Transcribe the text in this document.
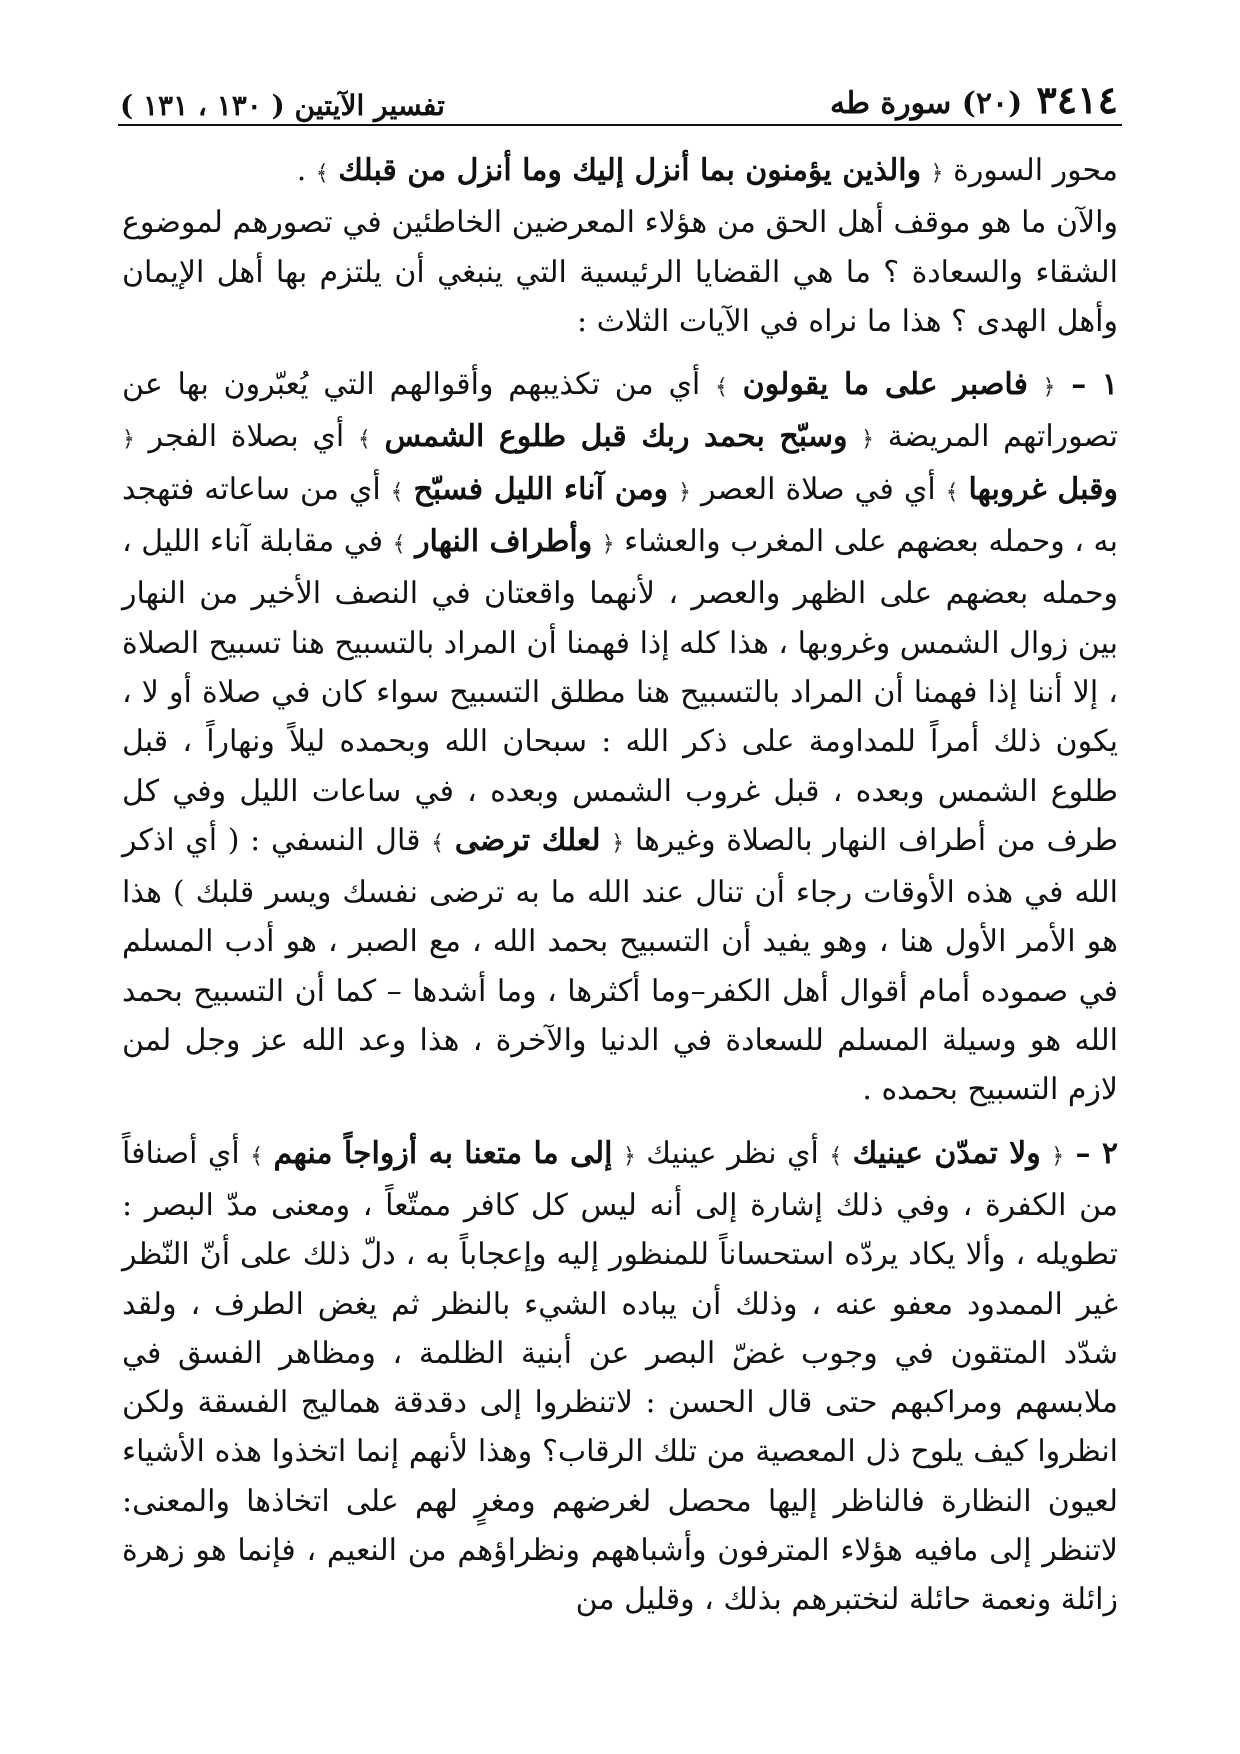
٣٤١٤
(٢٠) سورة طه
تفسير الآيتين ( ١٣٠ ، ١٣١ )

محور السورة ﴿ والذين يؤمنون بما أنزل إليك وما أنزل من قبلك ﴾ .

والآن ما هو موقف أهل الحق من هؤلاء المعرضين الخاطئين في تصورهم لموضوع الشقاء والسعادة ؟ ما هي القضايا الرئيسية التي ينبغي أن يلتزم بها أهل الإيمان وأهل الهدى ؟ هذا ما نراه في الآيات الثلاث :

١ – ﴿ فاصبر على ما يقولون ﴾ أي من تكذيبهم وأقوالهم التي يُعبّرون بها عن تصوراتهم المريضة ﴿ وسبّح بحمد ربك قبل طلوع الشمس ﴾ أي بصلاة الفجر ﴿ وقبل غروبها ﴾ أي في صلاة العصر ﴿ ومن آناء الليل فسبّح ﴾ أي من ساعاته فتهجد به ، وحمله بعضهم على المغرب والعشاء ﴿ وأطراف النهار ﴾ في مقابلة آناء الليل ، وحمله بعضهم على الظهر والعصر ، لأنهما واقعتان في النصف الأخير من النهار بين زوال الشمس وغروبها ، هذا كله إذا فهمنا أن المراد بالتسبيح هنا تسبيح الصلاة ، إلا أننا إذا فهمنا أن المراد بالتسبيح هنا مطلق التسبيح سواء كان في صلاة أو لا ، يكون ذلك أمراً للمداومة على ذكر الله : سبحان الله وبحمده ليلاً ونهاراً ، قبل طلوع الشمس وبعده ، قبل غروب الشمس وبعده ، في ساعات الليل وفي كل طرف من أطراف النهار بالصلاة وغيرها ﴿ لعلك ترضى ﴾ قال النسفي : ( أي اذكر الله في هذه الأوقات رجاء أن تنال عند الله ما به ترضى نفسك ويسر قلبك ) هذا هو الأمر الأول هنا ، وهو يفيد أن التسبيح بحمد الله ، مع الصبر ، هو أدب المسلم في صموده أمام أقوال أهل الكفر–وما أكثرها ، وما أشدها – كما أن التسبيح بحمد الله هو وسيلة المسلم للسعادة في الدنيا والآخرة ، هذا وعد الله عز وجل لمن لازم التسبيح بحمده .

٢ – ﴿ ولا تمدّن عينيك ﴾ أي نظر عينيك ﴿ إلى ما متعنا به أزواجاً منهم ﴾ أي أصنافاً من الكفرة ، وفي ذلك إشارة إلى أنه ليس كل كافر ممتّعاً ، ومعنى مدّ البصر : تطويله ، وألا يكاد يردّه استحساناً للمنظور إليه وإعجاباً به ، دلّ ذلك على أنّ النّظر غير الممدود معفو عنه ، وذلك أن يباده الشيء بالنظر ثم يغض الطرف ، ولقد شدّد المتقون في وجوب غضّ البصر عن أبنية الظلمة ، ومظاهر الفسق في ملابسهم ومراكبهم حتى قال الحسن : لاتنظروا إلى دقدقة هماليج الفسقة ولكن انظروا كيف يلوح ذل المعصية من تلك الرقاب؟ وهذا لأنهم إنما اتخذوا هذه الأشياء لعيون النظارة فالناظر إليها محصل لغرضهم ومغرٍ لهم على اتخاذها والمعنى: لاتنظر إلى مافيه هؤلاء المترفون وأشباههم ونظراؤهم من النعيم ، فإنما هو زهرة زائلة ونعمة حائلة لنختبرهم بذلك ، وقليل من
